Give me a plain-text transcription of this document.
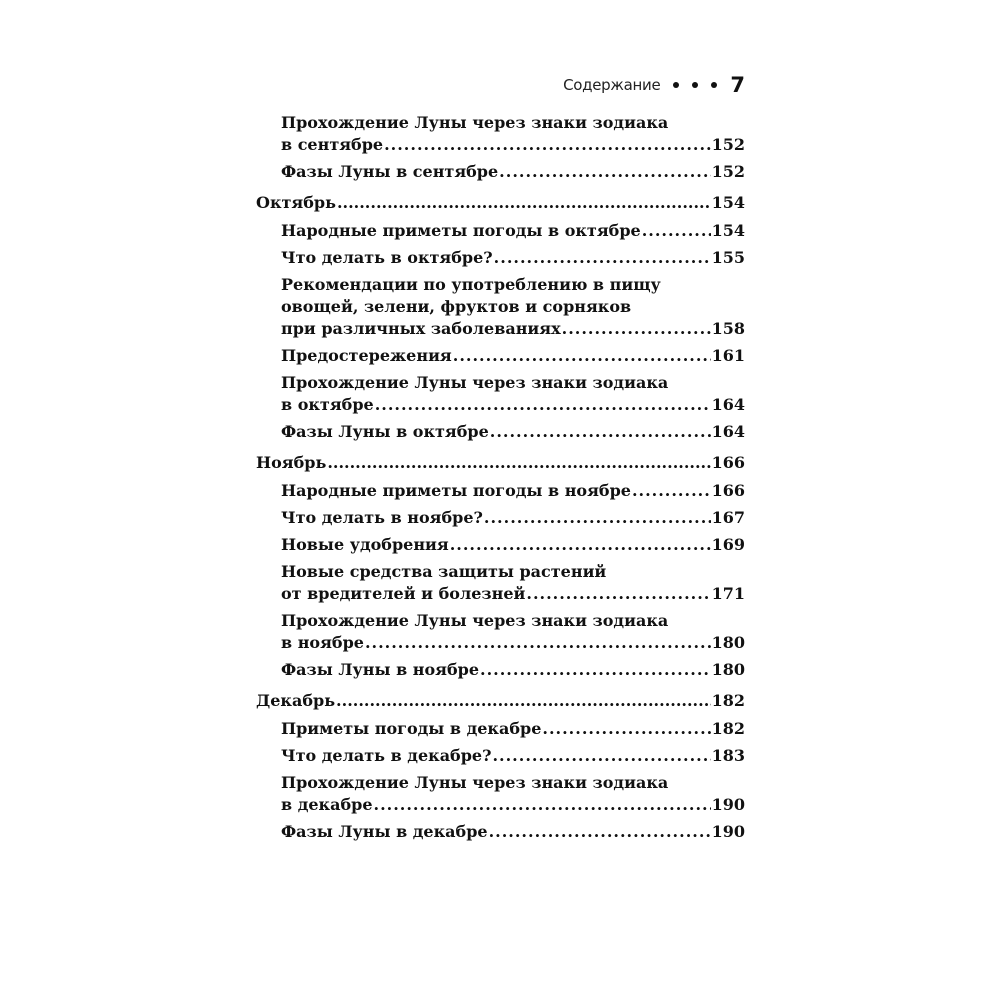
Содержание	7
Прохождение Луны через знаки зодиака
в сентябре .....	152
Фазы Луны в сентябре .....	152
Октябрь .....	154
Народные приметы погоды в октябре .....	154
Что делать в октябре? .....	155
Рекомендации по употреблению в пищу
овощей, зелени, фруктов и сорняков
при различных заболеваниях .....	158
Предостережения .....	161
Прохождение Луны через знаки зодиака
в октябре .....	164
Фазы Луны в октябре .....	164
Ноябрь .....	166
Народные приметы погоды в ноябре .....	166
Что делать в ноябре? .....	167
Новые удобрения .....	169
Новые средства защиты растений
от вредителей и болезней .....	171
Прохождение Луны через знаки зодиака
в ноябре .....	180
Фазы Луны в ноябре .....	180
Декабрь .....	182
Приметы погоды в декабре .....	182
Что делать в декабре? .....	183
Прохождение Луны через знаки зодиака
в декабре .....	190
Фазы Луны в декабре .....	190
